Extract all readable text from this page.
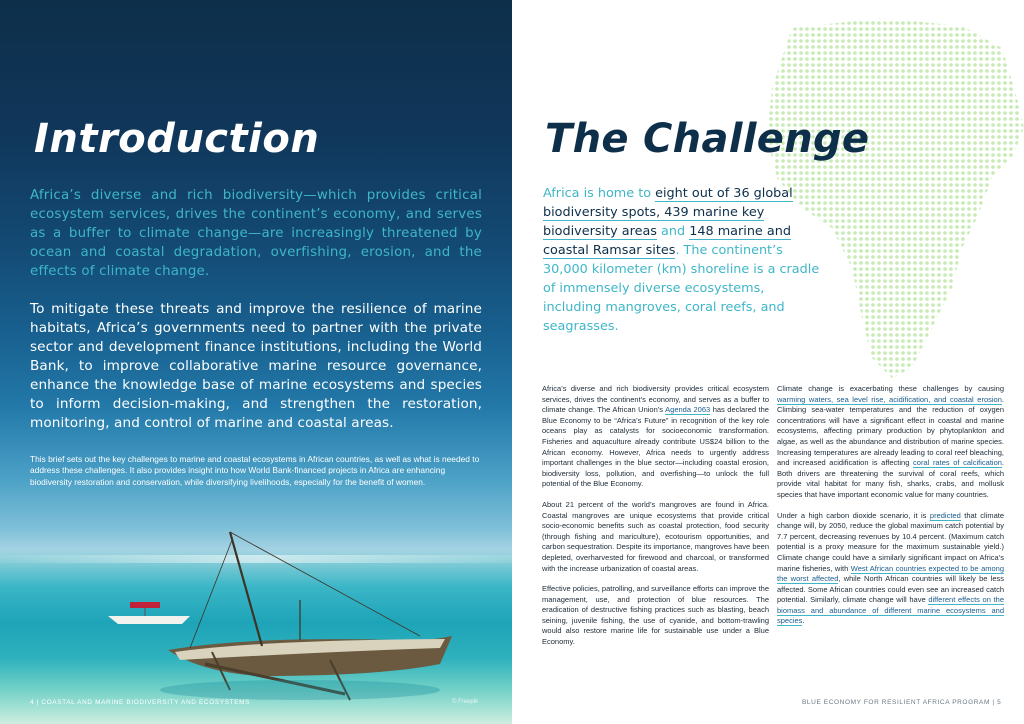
Introduction
Africa’s diverse and rich biodiversity—which provides critical ecosystem services, drives the continent’s economy, and serves as a buffer to climate change—are increasingly threatened by ocean and coastal degradation, overfishing, erosion, and the effects of climate change.
To mitigate these threats and improve the resilience of marine habitats, Africa’s governments need to partner with the private sector and development finance institutions, including the World Bank, to improve collaborative marine resource governance, enhance the knowledge base of marine ecosystems and species to inform decision-making, and strengthen the restoration, monitoring, and control of marine and coastal areas.
This brief sets out the key challenges to marine and coastal ecosystems in African countries, as well as what is needed to address these challenges. It also provides insight into how World Bank-financed projects in Africa are enhancing biodiversity restoration and conservation, while diversifying livelihoods, especially for the benefit of women.
4 | COASTAL AND MARINE BIODIVERSITY AND ECOSYSTEMS	© Freepik
The Challenge
Africa is home to eight out of 36 global biodiversity spots, 439 marine key biodiversity areas and 148 marine and coastal Ramsar sites. The continent’s 30,000 kilometer (km) shoreline is a cradle of immensely diverse ecosystems, including mangroves, coral reefs, and seagrasses.

Africa’s diverse and rich biodiversity provides critical ecosystem services, drives the continent’s economy, and serves as a buffer to climate change. The African Union’s Agenda 2063 has declared the Blue Economy to be “Africa’s Future” in recognition of the key role oceans play as catalysts for socioeconomic transformation. Fisheries and aquaculture already contribute US$24 billion to the African economy. However, Africa needs to urgently address important challenges in the blue sector—including coastal erosion, biodiversity loss, pollution, and overfishing—to unlock the full potential of the Blue Economy.

About 21 percent of the world’s mangroves are found in Africa. Coastal mangroves are unique ecosystems that provide critical socio-economic benefits such as coastal protection, food security (through fishing and mariculture), ecotourism opportunities, and carbon sequestration. Despite its importance, mangroves have been depleted, overharvested for firewood and charcoal, or transformed with the increase urbanization of coastal areas.

Effective policies, patrolling, and surveillance efforts can improve the management, use, and protection of blue resources. The eradication of destructive fishing practices such as blasting, beach seining, juvenile fishing, the use of cyanide, and bottom-trawling would also restore marine life for sustainable use under a Blue Economy.

Climate change is exacerbating these challenges by causing warming waters, sea level rise, acidification, and coastal erosion. Climbing sea-water temperatures and the reduction of oxygen concentrations will have a significant effect in coastal and marine ecosystems, affecting primary production by phytoplankton and algae, as well as the abundance and distribution of marine species. Increasing temperatures are already leading to coral reef bleaching, and increased acidification is affecting coral rates of calcification. Both drivers are threatening the survival of coral reefs, which provide vital habitat for many fish, sharks, crabs, and mollusk species that have important economic value for many countries.

Under a high carbon dioxide scenario, it is predicted that climate change will, by 2050, reduce the global maximum catch potential by 7.7 percent, decreasing revenues by 10.4 percent. (Maximum catch potential is a proxy measure for the maximum sustainable yield.) Climate change could have a similarly significant impact on Africa’s marine fisheries, with West African countries expected to be among the worst affected, while North African countries will likely be less affected. Some African countries could even see an increased catch potential. Similarly, climate change will have different effects on the biomass and abundance of different marine ecosystems and species.

BLUE ECONOMY FOR RESILIENT AFRICA PROGRAM | 5
